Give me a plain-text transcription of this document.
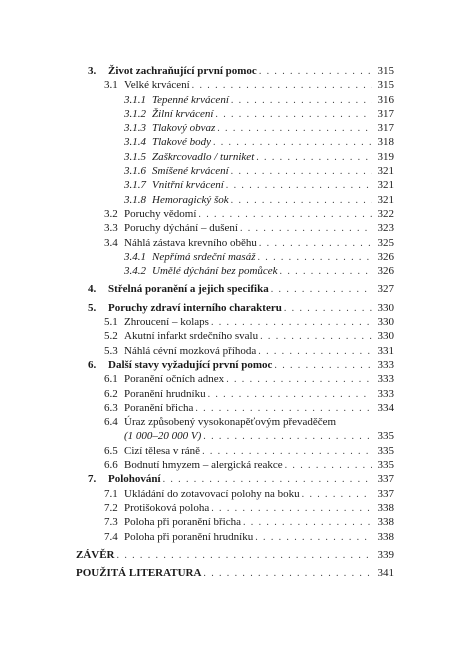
3. Život zachraňující první pomoc . . .	315
3.1 Velké krvácení . . .	315
3.1.1 Tepenné krvácení . . .	316
3.1.2 Žilní krvácení . . .	317
3.1.3 Tlakový obvaz . . .	317
3.1.4 Tlakové body . . .	318
3.1.5 Zaškrcovadlo / turniket . . .	319
3.1.6 Smíšené krvácení . . .	321
3.1.7 Vnitřní krvácení . . .	321
3.1.8 Hemoragický šok . . .	321
3.2 Poruchy vědomí . . .	322
3.3 Poruchy dýchání – dušení . . .	323
3.4 Náhlá zástava krevního oběhu . . .	325
3.4.1 Nepřímá srdeční masáž . . .	326
3.4.2 Umělé dýchání bez pomůcek . . .	326
4. Střelná poranění a jejich specifika . . .	327
5. Poruchy zdraví interního charakteru . . .	330
5.1 Zhroucení – kolaps . . .	330
5.2 Akutní infarkt srdečního svalu . . .	330
5.3 Náhlá cévní mozková příhoda . . .	331
6. Další stavy vyžadující první pomoc . . .	333
6.1 Poranění očních adnex . . .	333
6.2 Poranění hrudníku . . .	333
6.3 Poranění břicha . . .	334
6.4 Úraz způsobený vysokonapěťovým převaděčem
(1 000–20 000 V) . . .	335
6.5 Cizí tělesa v ráně . . .	335
6.6 Bodnutí hmyzem – alergická reakce . . .	335
7. Polohování . . .	337
7.1 Ukládání do zotavovací polohy na boku . . .	337
7.2 Protišoková poloha . . .	338
7.3 Poloha při poranění břicha . . .	338
7.4 Poloha při poranění hrudníku . . .	338
ZÁVĚR . . .	339
POUŽITÁ LITERATURA . . .	341
